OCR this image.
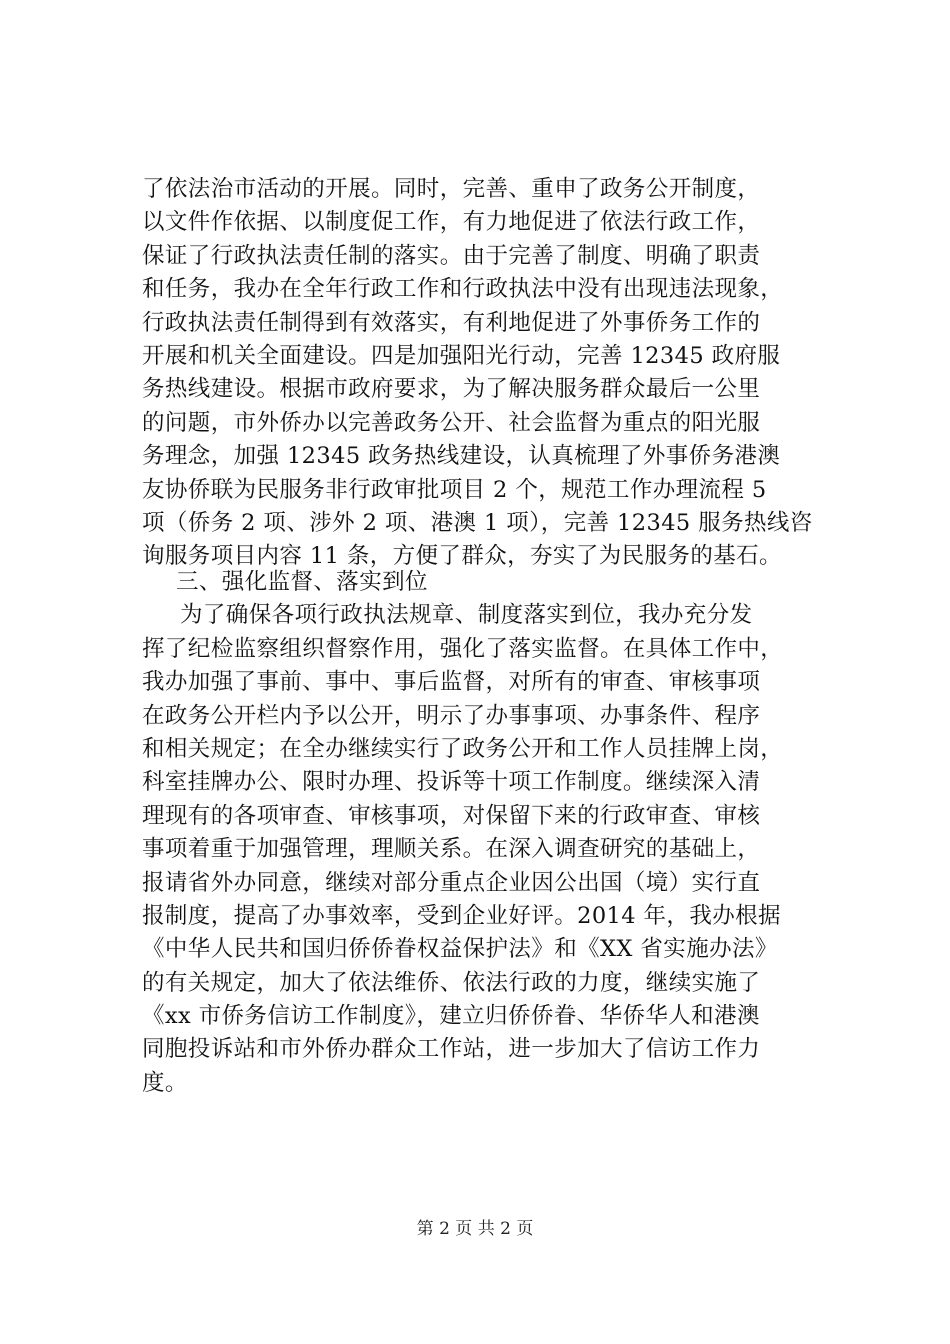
了依法治市活动的开展。同时，完善、重申了政务公开制度，
以文件作依据、以制度促工作，有力地促进了依法行政工作，
保证了行政执法责任制的落实。由于完善了制度、明确了职责
和任务，我办在全年行政工作和行政执法中没有出现违法现象，
行政执法责任制得到有效落实，有利地促进了外事侨务工作的
开展和机关全面建设。四是加强阳光行动，完善 12345 政府服
务热线建设。根据市政府要求，为了解决服务群众最后一公里
的问题，市外侨办以完善政务公开、社会监督为重点的阳光服
务理念，加强 12345 政务热线建设，认真梳理了外事侨务港澳
友协侨联为民服务非行政审批项目 2 个，规范工作办理流程 5
项（侨务 2 项、涉外 2 项、港澳 1 项），完善 12345 服务热线咨
询服务项目内容 11 条，方便了群众，夯实了为民服务的基石。
三、强化监督、落实到位
为了确保各项行政执法规章、制度落实到位，我办充分发
挥了纪检监察组织督察作用，强化了落实监督。在具体工作中，
我办加强了事前、事中、事后监督，对所有的审查、审核事项
在政务公开栏内予以公开，明示了办事事项、办事条件、程序
和相关规定；在全办继续实行了政务公开和工作人员挂牌上岗，
科室挂牌办公、限时办理、投诉等十项工作制度。继续深入清
理现有的各项审查、审核事项，对保留下来的行政审查、审核
事项着重于加强管理，理顺关系。在深入调查研究的基础上，
报请省外办同意，继续对部分重点企业因公出国（境）实行直
报制度，提高了办事效率，受到企业好评。2014 年，我办根据
《中华人民共和国归侨侨眷权益保护法》和《XX 省实施办法》
的有关规定，加大了依法维侨、依法行政的力度，继续实施了
《xx 市侨务信访工作制度》，建立归侨侨眷、华侨华人和港澳
同胞投诉站和市外侨办群众工作站，进一步加大了信访工作力
度。
第 2 页 共 2 页
